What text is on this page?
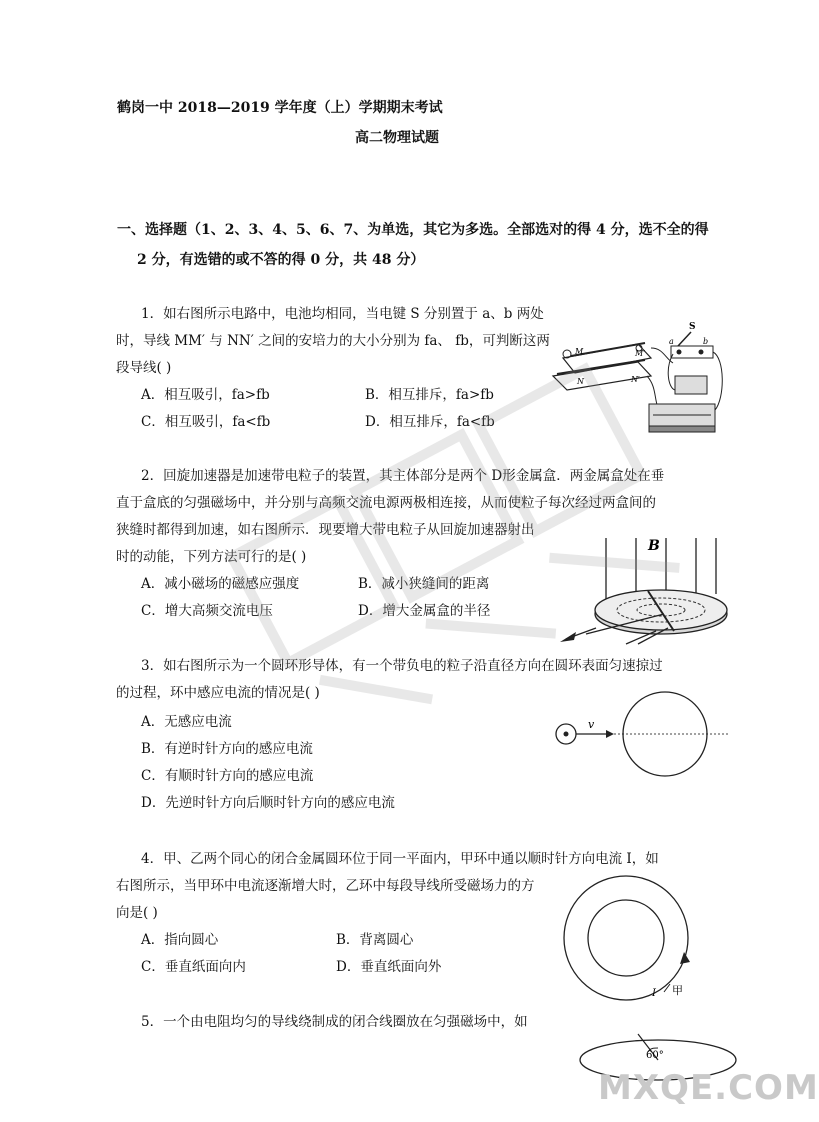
鹤岗一中 2018—2019 学年度（上）学期期末考试
高二物理试题
一、选择题（1、2、3、4、5、6、7、为单选，其它为多选。全部选对的得 4 分，选不全的得
2 分，有选错的或不答的得 0 分，共 48 分）
1．如右图所示电路中，电池均相同，当电键 S 分别置于 a、b 两处
时，导线 MM′ 与 NN′ 之间的安培力的大小分别为 fa、 fb，可判断这两
段导线( )
A．相互吸引，fa>fb	B．相互排斥，fa>fb
C．相互吸引，fa<fb	D．相互排斥，fa<fb
M	M′
N	N′
S
a	b
2．回旋加速器是加速带电粒子的装置，其主体部分是两个 D形金属盒．两金属盒处在垂
直于盒底的匀强磁场中，并分别与高频交流电源两极相连接，从而使粒子每次经过两盒间的
狭缝时都得到加速，如右图所示．现要增大带电粒子从回旋加速器射出
时的动能，下列方法可行的是( )
A．减小磁场的磁感应强度	B．减小狭缝间的距离
C．增大高频交流电压	D．增大金属盒的半径
B
3．如右图所示为一个圆环形导体，有一个带负电的粒子沿直径方向在圆环表面匀速掠过
的过程，环中感应电流的情况是( )
A．无感应电流
B．有逆时针方向的感应电流
C．有顺时针方向的感应电流
D．先逆时针方向后顺时针方向的感应电流
v
4．甲、乙两个同心的闭合金属圆环位于同一平面内，甲环中通以顺时针方向电流 I，如
右图所示，当甲环中电流逐渐增大时，乙环中每段导线所受磁场力的方
向是( )
A．指向圆心	B．背离圆心
C．垂直纸面向内	D．垂直纸面向外
I 甲
5．一个由电阻均匀的导线绕制成的闭合线圈放在匀强磁场中，如
60°
MXQE.COM
